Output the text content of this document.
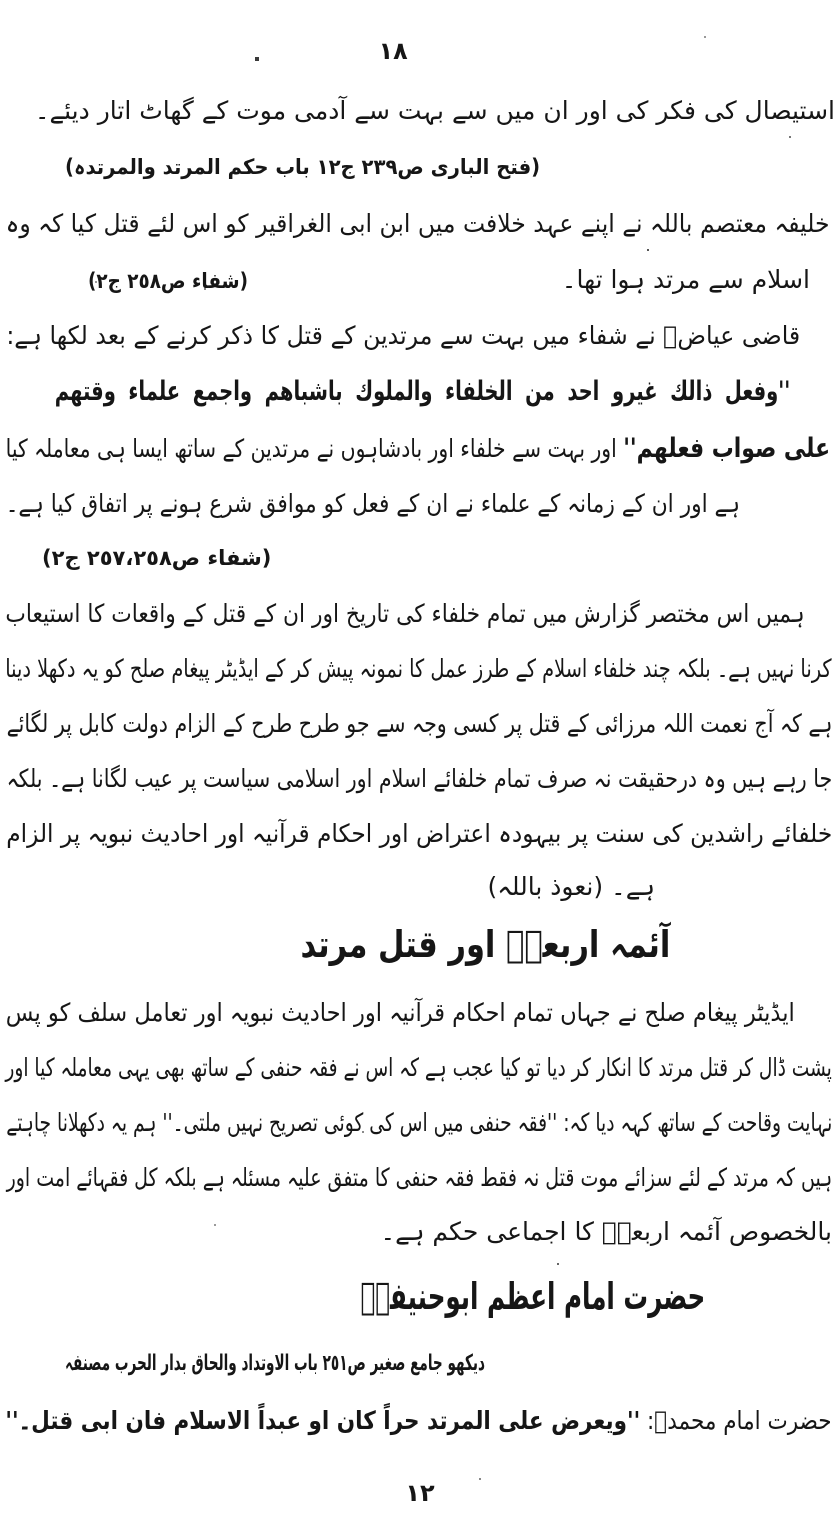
١٨
استیصال کی فکر کی اور ان میں سے بہت سے آدمی موت کے گھاٹ اتار دیئے۔
(فتح الباری ص٢٣٩ ج١٢ باب حکم المرتد والمرتدہ)
خلیفہ معتصم باللہ نے اپنے عہد خلافت میں ابن ابی الغراقیر کو اس لئے قتل کیا کہ وہ
اسلام سے مرتد ہوا تھا۔
(شفاء ص٢٥٨ ج٢)
قاضی عیاضؒ نے شفاء میں بہت سے مرتدین کے قتل کا ذکر کرنے کے بعد لکھا ہے:
''وفعل ذالك غيرو احد من الخلفاء والملوك باشباهم واجمع علماء وقتهم
علی صواب فعلهم'' اور بہت سے خلفاء اور بادشاہوں نے مرتدین کے ساتھ ایسا ہی معاملہ کیا
ہے اور ان کے زمانہ کے علماء نے ان کے فعل کو موافق شرع ہونے پر اتفاق کیا ہے۔
(شفاء ص٢٥٧،٢٥٨ ج٢)
ہمیں اس مختصر گزارش میں تمام خلفاء کی تاریخ اور ان کے قتل کے واقعات کا استیعاب
کرنا نہیں ہے۔ بلکہ چند خلفاء اسلام کے طرز عمل کا نمونہ پیش کر کے ایڈیٹر پیغام صلح کو یہ دکھلا دینا
ہے کہ آج نعمت اللہ مرزائی کے قتل پر کسی وجہ سے جو طرح طرح کے الزام دولت کابل پر لگائے
جا رہے ہیں وہ درحقیقت نہ صرف تمام خلفائے اسلام اور اسلامی سیاست پر عیب لگانا ہے۔ بلکہ
خلفائے راشدین کی سنت پر بیہودہ اعتراض اور احکام قرآنیہ اور احادیث نبویہ پر الزام
ہے۔ (نعوذ باللہ)
آئمہ اربعہؒ اور قتل مرتد
ایڈیٹر پیغام صلح نے جہاں تمام احکام قرآنیہ اور احادیث نبویہ اور تعامل سلف کو پس
پشت ڈال کر قتل مرتد کا انکار کر دیا تو کیا عجب ہے کہ اس نے فقہ حنفی کے ساتھ بھی یہی معاملہ کیا اور
نہایت وقاحت کے ساتھ کہہ دیا کہ: ''فقہ حنفی میں اس کی کوئی تصریح نہیں ملتی۔'' ہم یہ دکھلانا چاہتے
ہیں کہ مرتد کے لئے سزائے موت قتل نہ فقط فقہ حنفی کا متفق علیہ مسئلہ ہے بلکہ کل فقہائے امت اور
بالخصوص آئمہ اربعہؒ کا اجماعی حکم ہے۔
حضرت امام اعظم ابوحنیفہؒ
دیکھو جامع صغیر ص٢٥١ باب الاوتداد والحاق بدار الحرب مصنفہ
حضرت امام محمدؒ: ''ویعرض علی المرتد حراً كان او عبداً الاسلام فان ابی قتل۔''
١٢
